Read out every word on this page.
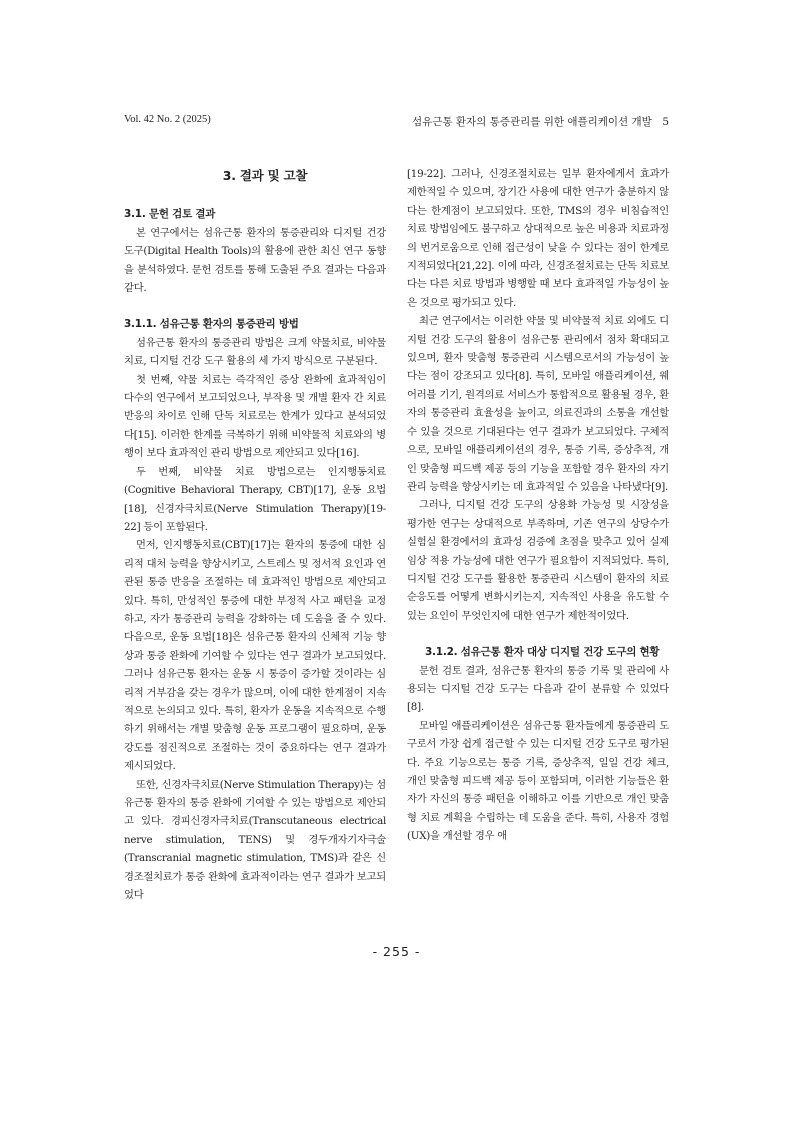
Vol. 42 No. 2 (2025)	섬유근통 환자의 통증관리를 위한 애플리케이션 개발　5
3. 결과 및 고찰
3.1. 문헌 검토 결과

본 연구에서는 섬유근통 환자의 통증관리와 디지털 건강 도구(Digital Health Tools)의 활용에 관한 최신 연구 동향을 분석하였다. 문헌 검토를 통해 도출된 주요 결과는 다음과 같다.

3.1.1. 섬유근통 환자의 통증관리 방법

섬유근통 환자의 통증관리 방법은 크게 약물치료, 비약물 치료, 디지털 건강 도구 활용의 세 가지 방식으로 구분된다.

첫 번째, 약물 치료는 즉각적인 증상 완화에 효과적임이 다수의 연구에서 보고되었으나, 부작용 및 개별 환자 간 치료 반응의 차이로 인해 단독 치료로는 한계가 있다고 분석되었다[15]. 이러한 한계를 극복하기 위해 비약물적 치료와의 병행이 보다 효과적인 관리 방법으로 제안되고 있다[16].

두 번째, 비약물 치료 방법으로는 인지행동치료(Cognitive Behavioral Therapy, CBT)[17], 운동 요법[18], 신경자극치료(Nerve Stimulation Therapy)[19-22] 등이 포함된다.

먼저, 인지행동치료(CBT)[17]는 환자의 통증에 대한 심리적 대처 능력을 향상시키고, 스트레스 및 정서적 요인과 연관된 통증 반응을 조절하는 데 효과적인 방법으로 제안되고 있다. 특히, 만성적인 통증에 대한 부정적 사고 패턴을 교정하고, 자가 통증관리 능력을 강화하는 데 도움을 줄 수 있다. 다음으로, 운동 요법[18]은 섬유근통 환자의 신체적 기능 향상과 통증 완화에 기여할 수 있다는 연구 결과가 보고되었다. 그러나 섬유근통 환자는 운동 시 통증이 증가할 것이라는 심리적 거부감을 갖는 경우가 많으며, 이에 대한 한계점이 지속적으로 논의되고 있다. 특히, 환자가 운동을 지속적으로 수행하기 위해서는 개별 맞춤형 운동 프로그램이 필요하며, 운동 강도를 점진적으로 조절하는 것이 중요하다는 연구 결과가 제시되었다.

또한, 신경자극치료(Nerve Stimulation Therapy)는 섬유근통 환자의 통증 완화에 기여할 수 있는 방법으로 제안되고 있다. 경피신경자극치료(Transcutaneous electrical nerve stimulation, TENS) 및 경두개자기자극술(Transcranial magnetic stimulation, TMS)과 같은 신경조절치료가 통증 완화에 효과적이라는 연구 결과가 보고되었다

[19-22]. 그러나, 신경조절치료는 일부 환자에게서 효과가 제한적일 수 있으며, 장기간 사용에 대한 연구가 충분하지 않다는 한계점이 보고되었다. 또한, TMS의 경우 비침습적인 치료 방법임에도 불구하고 상대적으로 높은 비용과 치료과정의 번거로움으로 인해 접근성이 낮을 수 있다는 점이 한계로 지적되었다[21,22]. 이에 따라, 신경조절치료는 단독 치료보다는 다른 치료 방법과 병행할 때 보다 효과적일 가능성이 높은 것으로 평가되고 있다.

최근 연구에서는 이러한 약물 및 비약물적 치료 외에도 디지털 건강 도구의 활용이 섬유근통 관리에서 점차 확대되고 있으며, 환자 맞춤형 통증관리 시스템으로서의 가능성이 높다는 점이 강조되고 있다[8]. 특히, 모바일 애플리케이션, 웨어러블 기기, 원격의료 서비스가 통합적으로 활용될 경우, 환자의 통증관리 효율성을 높이고, 의료진과의 소통을 개선할 수 있을 것으로 기대된다는 연구 결과가 보고되었다. 구체적으로, 모바일 애플리케이션의 경우, 통증 기록, 증상추적, 개인 맞춤형 피드백 제공 등의 기능을 포함할 경우 환자의 자기관리 능력을 향상시키는 데 효과적일 수 있음을 나타냈다[9].

그러나, 디지털 건강 도구의 상용화 가능성 및 시장성을 평가한 연구는 상대적으로 부족하며, 기존 연구의 상당수가 실험실 환경에서의 효과성 검증에 초점을 맞추고 있어 실제 임상 적용 가능성에 대한 연구가 필요함이 지적되었다. 특히, 디지털 건강 도구를 활용한 통증관리 시스템이 환자의 치료 순응도를 어떻게 변화시키는지, 지속적인 사용을 유도할 수 있는 요인이 무엇인지에 대한 연구가 제한적이었다.

3.1.2. 섬유근통 환자 대상 디지털 건강 도구의 현황

문헌 검토 결과, 섬유근통 환자의 통증 기록 및 관리에 사용되는 디지털 건강 도구는 다음과 같이 분류할 수 있었다[8].

모바일 애플리케이션은 섬유근통 환자들에게 통증관리 도구로서 가장 쉽게 접근할 수 있는 디지털 건강 도구로 평가된다. 주요 기능으로는 통증 기록, 증상추적, 일일 건강 체크, 개인 맞춤형 피드백 제공 등이 포함되며, 이러한 기능들은 환자가 자신의 통증 패턴을 이해하고 이를 기반으로 개인 맞춤형 치료 계획을 수립하는 데 도움을 준다. 특히, 사용자 경험(UX)을 개선할 경우 애

- 255 -
